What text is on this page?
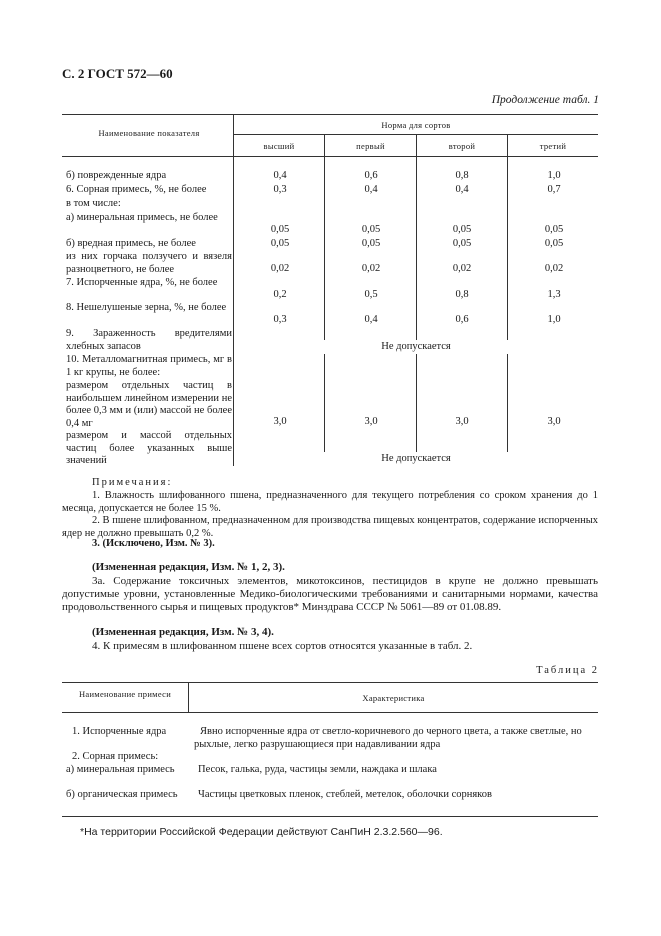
С. 2 ГОСТ 572—60
Продолжение табл. 1
Наименование показателя
Норма для сортов
высший	первый	второй	третий
б) поврежденные ядра	0,4	0,6	0,8	1,0
6. Сорная примесь, %, не более	0,3	0,4	0,4	0,7
в том числе:
а) минеральная примесь, не более
0,05	0,05	0,05	0,05
б) вредная примесь, не более	0,05	0,05	0,05	0,05
из них горчака ползучего и вязеля разноцветного, не более	0,02	0,02	0,02	0,02
7. Испорченные ядра, %, не более
0,2	0,5	0,8	1,3
8. Нешелушеные зерна, %, не более
0,3	0,4	0,6	1,0
9. Зараженность вредителями хлебных запасов	Не допускается
10. Металломагнитная примесь, мг в 1 кг крупы, не более:
размером отдельных частиц в наибольшем линейном измерении не более 0,3 мм и (или) массой не более 0,4 мг	3,0	3,0	3,0	3,0
размером и массой отдельных частиц более указанных выше значений	Не допускается
Примечания:
1. Влажность шлифованного пшена, предназначенного для текущего потребления со сроком хранения до 1 месяца, допускается не более 15 %.
2. В пшене шлифованном, предназначенном для производства пищевых концентратов, содержание испорченных ядер не должно превышать 0,2 %.
3. (Исключено, Изм. № 3).
(Измененная редакция, Изм. № 1, 2, 3).
3а. Содержание токсичных элементов, микотоксинов, пестицидов в крупе не должно превышать допустимые уровни, установленные Медико-биологическими требованиями и санитарными нормами, качества продовольственного сырья и пищевых продуктов* Минздрава СССР № 5061—89 от 01.08.89.
(Измененная редакция, Изм. № 3, 4).
4. К примесям в шлифованном пшене всех сортов относятся указанные в табл. 2.
Таблица 2
Наименование примеси	Характеристика
1. Испорченные ядра	Явно испорченные ядра от светло-коричневого до черного цвета, а также светлые, но рыхлые, легко разрушающиеся при надавливании ядра
2. Сорная примесь:
а) минеральная примесь	Песок, галька, руда, частицы земли, наждака и шлака
б) органическая примесь	Частицы цветковых пленок, стеблей, метелок, оболочки сорняков
*На территории Российской Федерации действуют СанПиН 2.3.2.560—96.
